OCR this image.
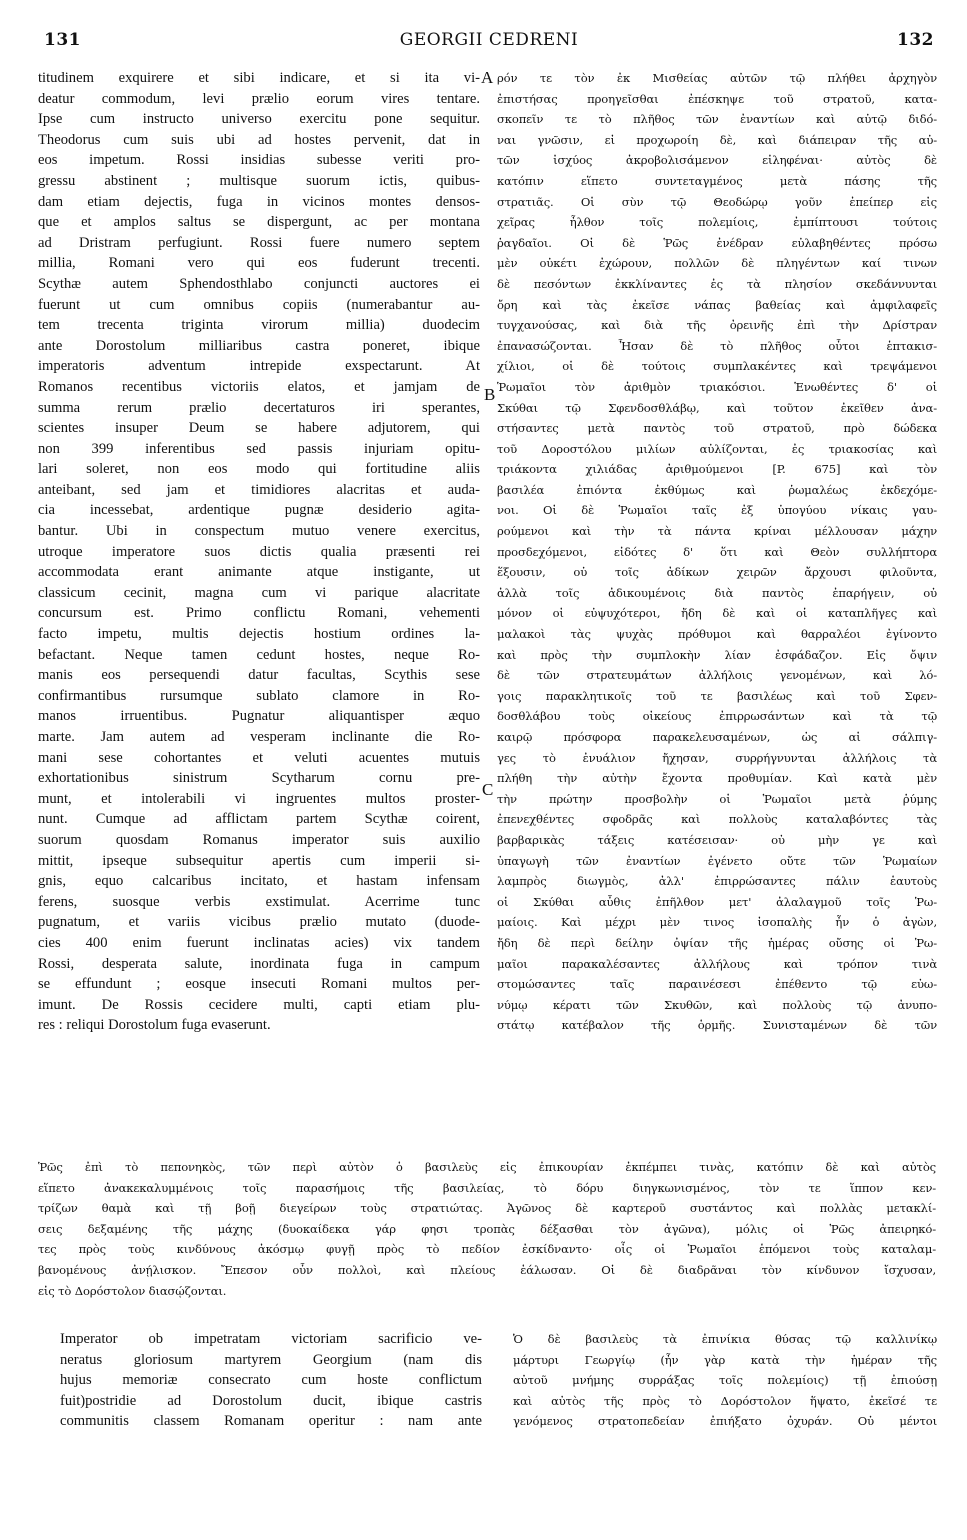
131	GEORGII CEDRENI	132
A
B
C
titudinem exquirere et sibi indicare, et si ita vi-
deatur commodum, levi prælio eorum vires tentare.
Ipse cum instructo universo exercitu pone sequitur.
Theodorus cum suis ubi ad hostes pervenit, dat in
eos impetum. Rossi insidias subesse veriti pro-
gressu abstinent ; multisque suorum ictis, quibus-
dam etiam dejectis, fuga in vicinos montes densos-
que et amplos saltus se dispergunt, ac per montana
ad Dristram perfugiunt. Rossi fuere numero septem
millia, Romani vero qui eos fuderunt trecenti.
Scythæ autem Sphendosthlabo conjuncti auctores ei
fuerunt ut cum omnibus copiis (numerabantur au-
tem trecenta triginta virorum millia) duodecim
ante Dorostolum milliaribus castra poneret, ibique
imperatoris adventum intrepide exspectarunt. At
Romanos recentibus victoriis elatos, et jamjam de
summa rerum prælio decertaturos iri sperantes,
scientes insuper Deum se habere adjutorem, qui
non 399 inferentibus sed passis injuriam opitu-
lari soleret, non eos modo qui fortitudine aliis
anteibant, sed jam et timidiores alacritas et auda-
cia incessebat, ardentique pugnæ desiderio agita-
bantur. Ubi in conspectum mutuo venere exercitus,
utroque imperatore suos dictis qualia præsenti rei
accommodata erant animante atque instigante, ut
classicum cecinit, magna cum vi parique alacritate
concursum est. Primo conflictu Romani, vehementi
facto impetu, multis dejectis hostium ordines la-
befactant. Neque tamen cedunt hostes, neque Ro-
manis eos persequendi datur facultas, Scythis sese
confirmantibus rursumque sublato clamore in Ro-
manos irruentibus. Pugnatur aliquantisper æquo
marte. Jam autem ad vesperam inclinante die Ro-
mani sese cohortantes et veluti acuentes mutuis
exhortationibus sinistrum Scytharum cornu pre-
munt, et intolerabili vi ingruentes multos proster-
nunt. Cumque ad afflictam partem Scythæ coirent,
suorum quosdam Romanus imperator suis auxilio
mittit, ipseque subsequitur apertis cum imperii si-
gnis, equo calcaribus incitato, et hastam infensam
ferens, suosque verbis exstimulat. Acerrime tunc
pugnatum, et variis vicibus prælio mutato (duode-
cies 400 enim fuerunt inclinatas acies) vix tandem
Rossi, desperata salute, inordinata fuga in campum
se effundunt ; eosque insecuti Romani multos per-
imunt. De Rossis cecidere multi, capti etiam plu-
res : reliqui Dorostolum fuga evaserunt.
ρόν τε τὸν ἐκ Μισθείας αὐτῶν τῷ πλήθει ἀρχηγὸν
ἐπιστήσας προηγεῖσθαι ἐπέσκηψε τοῦ στρατοῦ, κατα-
σκοπεῖν τε τὸ πλῆθος τῶν ἐναντίων καὶ αὐτῷ διδό-
ναι γνῶσιν, εἰ προχωροίη δὲ, καὶ διάπειραν τῆς αὐ-
τῶν ἰσχύος ἀκροβολισάμενον εἰληφέναι· αὐτὸς δὲ
κατόπιν εἵπετο συντεταγμένος μετὰ πάσης τῆς
στρατιᾶς. Οἱ σὺν τῷ Θεοδώρῳ γοῦν ἐπείπερ εἰς
χεῖρας ἦλθον τοῖς πολεμίοις, ἐμπίπτουσι τούτοις
ῥαγδαῖοι. Οἱ δὲ Ῥῶς ἐνέδραν εὐλαβηθέντες πρόσω
μὲν οὐκέτι ἐχώρουν, πολλῶν δὲ πληγέντων καί τινων
δὲ πεσόντων ἐκκλίναντες ἐς τὰ πλησίον σκεδάννυνται
ὄρη καὶ τὰς ἐκεῖσε νάπας βαθείας καὶ ἀμφιλαφεῖς
τυγχανούσας, καὶ διὰ τῆς ὀρεινῆς ἐπὶ τὴν Δρίστραν
ἐπανασώζονται. Ἦσαν δὲ τὸ πλῆθος οὗτοι ἑπτακισ-
χίλιοι, οἱ δὲ τούτοις συμπλακέντες καὶ τρεψάμενοι
Ῥωμαῖοι τὸν ἀριθμὸν τριακόσιοι. Ἑνωθέντες δ' οἱ
Σκύθαι τῷ Σφενδοσθλάβῳ, καὶ τοῦτον ἐκεῖθεν ἀνα-
στήσαντες μετὰ παντὸς τοῦ στρατοῦ, πρὸ δώδεκα
τοῦ Δοροστόλου μιλίων αὐλίζονται, ἐς τριακοσίας καὶ
τριάκοντα χιλιάδας ἀριθμούμενοι [P. 675] καὶ τὸν
βασιλέα ἐπιόντα ἐκθύμως καὶ ῥωμαλέως ἐκδεχόμε-
νοι. Οἱ δὲ Ῥωμαῖοι ταῖς ἐξ ὑπογύου νίκαις γαυ-
ρούμενοι καὶ τὴν τὰ πάντα κρίναι μέλλουσαν μάχην
προσδεχόμενοι, εἰδότες δ' ὅτι καὶ Θεὸν συλλήπτορα
ἕξουσιν, οὐ τοῖς ἀδίκων χειρῶν ἄρχουσι φιλοῦντα,
ἀλλὰ τοῖς ἀδικουμένοις διὰ παντὸς ἐπαρήγειν, οὐ
μόνον οἱ εὐψυχότεροι, ἤδη δὲ καὶ οἱ καταπλῆγες καὶ
μαλακοὶ τὰς ψυχὰς πρόθυμοι καὶ θαρραλέοι ἐγίνοντο
καὶ πρὸς τὴν συμπλοκὴν λίαν ἐσφάδαζον. Εἰς ὄψιν
δὲ τῶν στρατευμάτων ἀλλήλοις γενομένων, καὶ λό-
γοις παρακλητικοῖς τοῦ τε βασιλέως καὶ τοῦ Σφεν-
δοσθλάβου τοὺς οἰκείους ἐπιρρωσάντων καὶ τὰ τῷ
καιρῷ πρόσφορα παρακελευσαμένων, ὡς αἱ σάλπιγ-
γες τὸ ἐνυάλιον ἤχησαν, συρρήγνυνται ἀλλήλοις τὰ
πλήθη τὴν αὐτὴν ἔχοντα προθυμίαν. Καὶ κατὰ μὲν
τὴν πρώτην προσβολὴν οἱ Ῥωμαῖοι μετὰ ῥύμης
ἐπενεχθέντες σφοδρᾶς καὶ πολλοὺς καταλαβόντες τὰς
βαρβαρικὰς τάξεις κατέσεισαν· οὐ μὴν γε καὶ
ὑπαγωγὴ τῶν ἐναντίων ἐγένετο οὔτε τῶν Ῥωμαίων
λαμπρὸς διωγμὸς, ἀλλ' ἐπιρρώσαντες πάλιν ἑαυτοὺς
οἱ Σκύθαι αὖθις ἐπῆλθον μετ' ἀλαλαγμοῦ τοῖς Ῥω-
μαίοις. Καὶ μέχρι μὲν τινος ἰσοπαλὴς ἦν ὁ ἀγὼν,
ἤδη δὲ περὶ δείλην ὀψίαν τῆς ἡμέρας οὔσης οἱ Ῥω-
μαῖοι παρακαλέσαντες ἀλλήλους καὶ τρόπον τινὰ
στομώσαντες ταῖς παραινέσεσι ἐπέθεντο τῷ εὐω-
νύμῳ κέρατι τῶν Σκυθῶν, καὶ πολλοὺς τῷ ἀνυπο-
στάτῳ κατέβαλον τῆς ὁρμῆς. Συνισταμένων δὲ τῶν
Ῥῶς ἐπὶ τὸ πεπονηκὸς, τῶν περὶ αὐτὸν ὁ βασιλεὺς εἰς ἐπικουρίαν ἐκπέμπει τινὰς, κατόπιν δὲ καὶ αὐτὸς
εἵπετο ἀνακεκαλυμμένοις τοῖς παρασήμοις τῆς βασιλείας, τὸ δόρυ διηγκωνισμένος, τὸν τε ἵππον κεν-
τρίζων θαμὰ καὶ τῇ βοῇ διεγείρων τοὺς στρατιώτας. Ἀγῶνος δὲ καρτεροῦ συστάντος καὶ πολλὰς μετακλί-
σεις δεξαμένης τῆς μάχης (δυοκαίδεκα γάρ φησι τροπὰς δέξασθαι τὸν ἀγῶνα), μόλις οἱ Ῥῶς ἀπειρηκό-
τες πρὸς τοὺς κινδύνους ἀκόσμῳ φυγῇ πρὸς τὸ πεδίον ἐσκίδναντο· οἷς οἱ Ῥωμαῖοι ἑπόμενοι τοὺς καταλαμ-
βανομένους ἀνῄλισκον. Ἔπεσον οὖν πολλοὶ, καὶ πλείους ἑάλωσαν. Οἱ δὲ διαδρᾶναι τὸν κίνδυνον ἴσχυσαν,
εἰς τὸ Δορόστολον διασῴζονται.
Imperator ob impetratam victoriam sacrificio ve-
neratus gloriosum martyrem Georgium (nam dis
hujus memoriæ consecrato cum hoste conflictum
fuit)postridie ad Dorostolum ducit, ibique castris
communitis classem Romanam operitur : nam ante
Ὁ δὲ βασιλεὺς τὰ ἐπινίκια θύσας τῷ καλλινίκῳ
μάρτυρι Γεωργίῳ (ἦν γὰρ κατὰ τὴν ἡμέραν τῆς
αὐτοῦ μνήμης συρράξας τοῖς πολεμίοις) τῇ ἐπιούσῃ
καὶ αὐτὸς τῆς πρὸς τὸ Δορόστολον ἥψατο, ἐκεῖσέ τε
γενόμενος στρατοπεδείαν ἐπιήξατο ὀχυράν. Οὐ μέντοι
